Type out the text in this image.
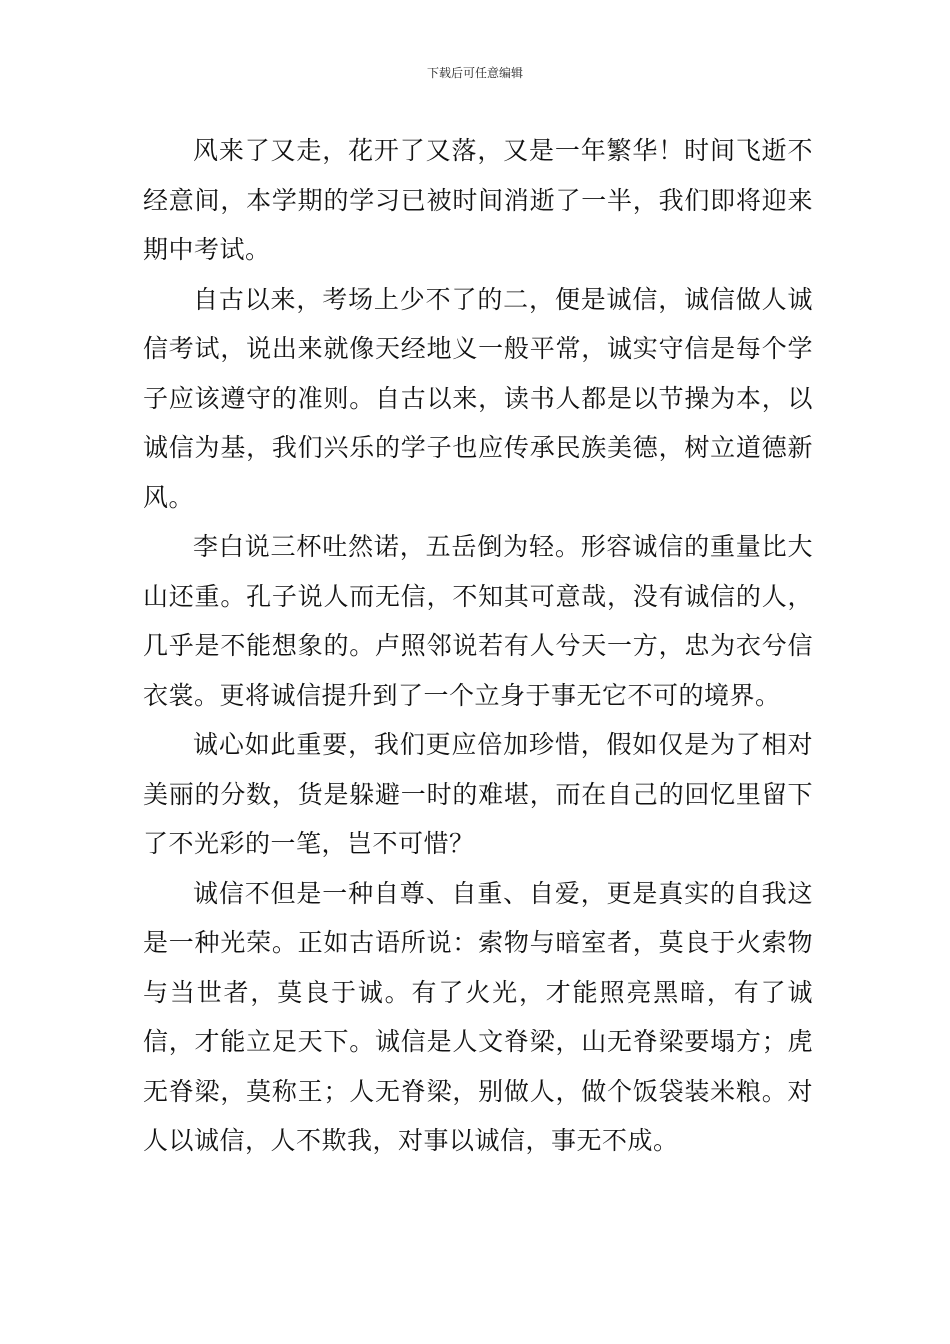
下载后可任意编辑

风来了又走，花开了又落，又是一年繁华！时间飞逝不经意间，本学期的学习已被时间消逝了一半，我们即将迎来期中考试。

自古以来，考场上少不了的二，便是诚信，诚信做人诚信考试，说出来就像天经地义一般平常，诚实守信是每个学子应该遵守的准则。自古以来，读书人都是以节操为本，以诚信为基，我们兴乐的学子也应传承民族美德，树立道德新风。

李白说三杯吐然诺，五岳倒为轻。形容诚信的重量比大山还重。孔子说人而无信，不知其可意哉，没有诚信的人，几乎是不能想象的。卢照邻说若有人兮天一方，忠为衣兮信衣裳。更将诚信提升到了一个立身于事无它不可的境界。

诚心如此重要，我们更应倍加珍惜，假如仅是为了相对美丽的分数，货是躲避一时的难堪，而在自己的回忆里留下了不光彩的一笔，岂不可惜？

诚信不但是一种自尊、自重、自爱，更是真实的自我这是一种光荣。正如古语所说：索物与暗室者，莫良于火索物与当世者，莫良于诚。有了火光，才能照亮黑暗，有了诚信，才能立足天下。诚信是人文脊梁，山无脊梁要塌方；虎无脊梁，莫称王；人无脊梁，别做人，做个饭袋装米粮。对人以诚信，人不欺我，对事以诚信，事无不成。
